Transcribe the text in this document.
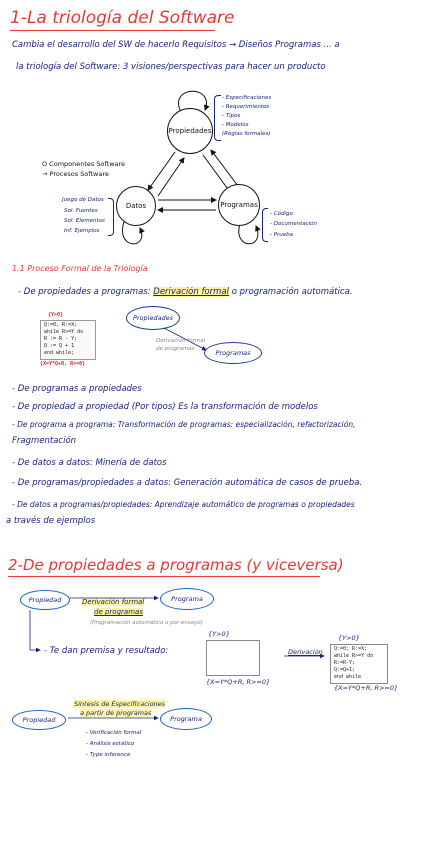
1-La triología del Software
Cambia el desarrollo del SW de hacerlo Requisitos → Diseños Programas ... a
la triología del Software: 3 visiones/perspectivas para hacer un producto
Propiedades
Datos	Programas
O Componentes Software
→ Procesos Software
- Especificaciones
- Requerimientos
- Tipos
- Modelos
(Reglas formales)
Juego de Datos
Sol. Fuentes
Sol. Elementos
Inf. Ejemplos
- Código
- Documentación
- Prueba
1.1 Proceso Formal de la Triología
- De propiedades a programas: Derivación formal o programación automática.
{Y>0}
Q:=0, R:=X;
while R>=Y do
R := R - Y;
Q := Q + 1
end while;
{X=Y*Q+R, R>=0}
Propiedades
Programas
Derivación formal de programas
- De programas a propiedades
- De propiedad a propiedad (Por tipos) Es la transformación de modelos
- De programa a programa: Transformación de programas: especialización, refactorización,
Fragmentación
- De datos a datos: Minería de datos
- De programas/propiedades a datos: Generación automática de casos de prueba.
- De datos a programas/propiedades: Aprendizaje automático de programas o propiedades
a través de ejemplos
2-De propiedades a programas (y viceversa)
Propiedad	Programa
Derivación formal
de programas
(Programación automática o por ensayo)
- Te dan premisa y resultado:
{Y>0}
{X=Y*Q+R, R>=0}
Derivación
{Y>0}
Q:=0; R:=X;
while R>=Y do
R:=R-Y;
Q:=Q+1;
end while
{X=Y*Q+R, R>=0}
Propiedad	Programa
Síntesis de Especificaciones
a partir de programas
- Verificación formal
- Análisis estático
- Type inference
